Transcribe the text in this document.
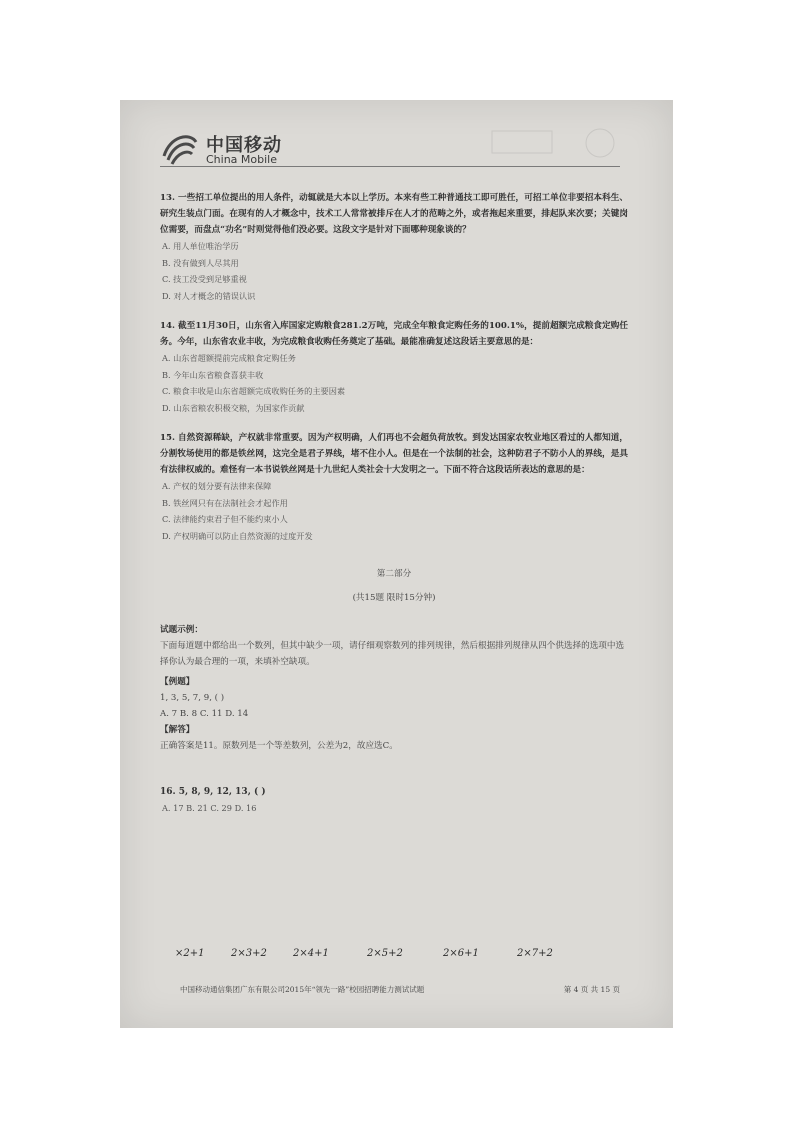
中国移动
China Mobile
13. 一些招工单位提出的用人条件，动辄就是大本以上学历。本来有些工种普通技工即可胜任，可招工单位非要招本科生、研究生装点门面。在现有的人才概念中，技术工人常常被排斥在人才的范畴之外，或者拖起来重要，排起队来次要；关键岗位需要，而盘点“功名”时则觉得他们没必要。这段文字是针对下面哪种现象谈的？
A. 用人单位唯治学历
B. 没有做到人尽其用
C. 技工没受到足够重视
D. 对人才概念的错误认识
14. 截至11月30日，山东省入库国家定购粮食281.2万吨，完成全年粮食定购任务的100.1%，提前超额完成粮食定购任务。今年，山东省农业丰收，为完成粮食收购任务奠定了基础。最能准确复述这段话主要意思的是：
A. 山东省超额提前完成粮食定购任务
B. 今年山东省粮食喜获丰收
C. 粮食丰收是山东省超额完成收购任务的主要因素
D. 山东省粮农积极交粮，为国家作贡献
15. 自然资源稀缺，产权就非常重要。因为产权明确，人们再也不会超负荷放牧。到发达国家农牧业地区看过的人都知道，分割牧场使用的都是铁丝网，这完全是君子界线，堵不住小人。但是在一个法制的社会，这种防君子不防小人的界线，是具有法律权威的。难怪有一本书说铁丝网是十九世纪人类社会十大发明之一。下面不符合这段话所表达的意思的是：
A. 产权的划分要有法律来保障
B. 铁丝网只有在法制社会才起作用
C. 法律能约束君子但不能约束小人
D. 产权明确可以防止自然资源的过度开发
第二部分
(共15题 限时15分钟)
试题示例：
下面每道题中都给出一个数列，但其中缺少一项，请仔细观察数列的排列规律，然后根据排列规律从四个供选择的选项中选择你认为最合理的一项，来填补空缺项。
【例题】
1, 3, 5, 7, 9, ( )
A. 7 B. 8 C. 11 D. 14
【解答】
正确答案是11。原数列是一个等差数列，公差为2，故应选C。
16. 5, 8, 9, 12, 13, ( )
A. 17 B. 21 C. 29 D. 16
×2+1	2×3+2	2×4+1	2×5+2	2×6+1	2×7+2
中国移动通信集团广东有限公司2015年“领先一路”校园招聘能力测试试题	第 4 页 共 15 页
